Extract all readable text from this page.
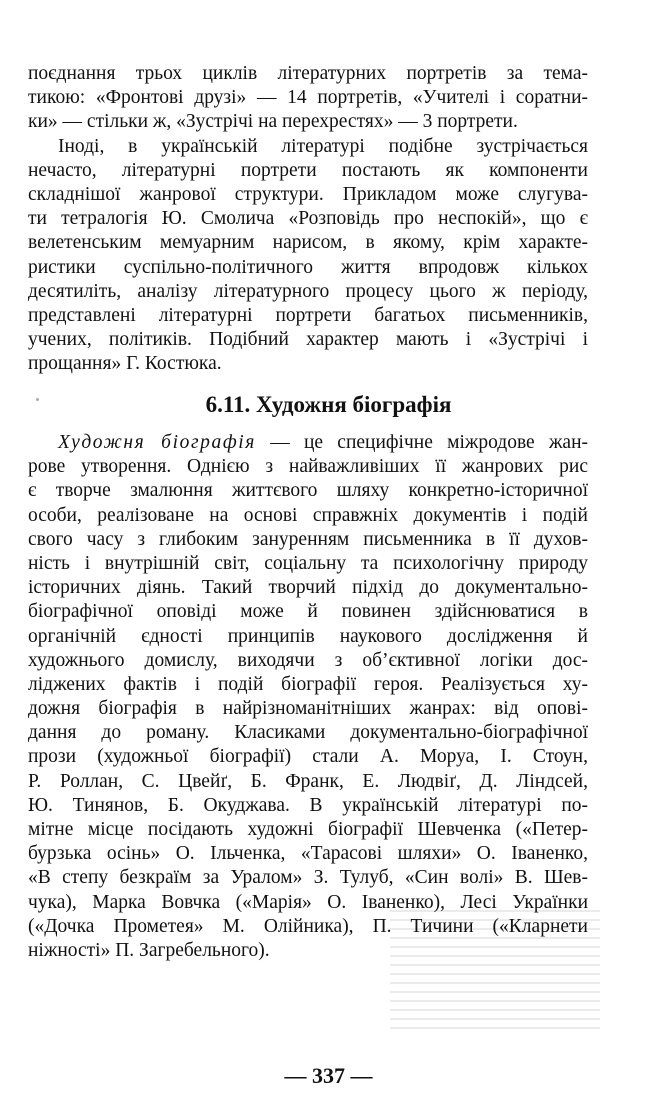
поєднання трьох циклів літературних портретів за тема-
тикою: «Фронтові друзі» — 14 портретів, «Учителі і соратни-
ки» — стільки ж, «Зустрічі на перехрестях» — 3 портрети.
Іноді, в українській літературі подібне зустрічається
нечасто, літературні портрети постають як компоненти
складнішої жанрової структури. Прикладом може слугува-
ти тетралогія Ю. Смолича «Розповідь про неспокій», що є
велетенським мемуарним нарисом, в якому, крім характе-
ристики суспільно-політичного життя впродовж кількох
десятиліть, аналізу літературного процесу цього ж періоду,
представлені літературні портрети багатьох письменників,
учених, політиків. Подібний характер мають і «Зустрічі і
прощання» Г. Костюка.
6.11. Художня біографія
Художня біографія — це специфічне міжродове жан-
рове утворення. Однією з найважливіших її жанрових рис
є творче змалюння життєвого шляху конкретно-історичної
особи, реалізоване на основі справжніх документів і подій
свого часу з глибоким зануренням письменника в її духов-
ність і внутрішній світ, соціальну та психологічну природу
історичних діянь. Такий творчий підхід до документально-
біографічної оповіді може й повинен здійснюватися в
органічній єдності принципів наукового дослідження й
художнього домислу, виходячи з об’єктивної логіки дос-
ліджених фактів і подій біографії героя. Реалізується ху-
дожня біографія в найрізноманітніших жанрах: від опові-
дання до роману. Класиками документально-біографічної
прози (художньої біографії) стали А. Моруа, І. Стоун,
Р. Роллан, С. Цвейґ, Б. Франк, Е. Людвіґ, Д. Ліндсей,
Ю. Тинянов, Б. Окуджава. В українській літературі по-
мітне місце посідають художні біографії Шевченка («Петер-
бурзька осінь» О. Ільченка, «Тарасові шляхи» О. Іваненко,
«В степу безкраїм за Уралом» З. Тулуб, «Син волі» В. Шев-
чука), Марка Вовчка («Марія» О. Іваненко), Лесі Українки
(«Дочка Прометея» М. Олійника), П. Тичини («Кларнети
ніжності» П. Загребельного).
— 337 —
